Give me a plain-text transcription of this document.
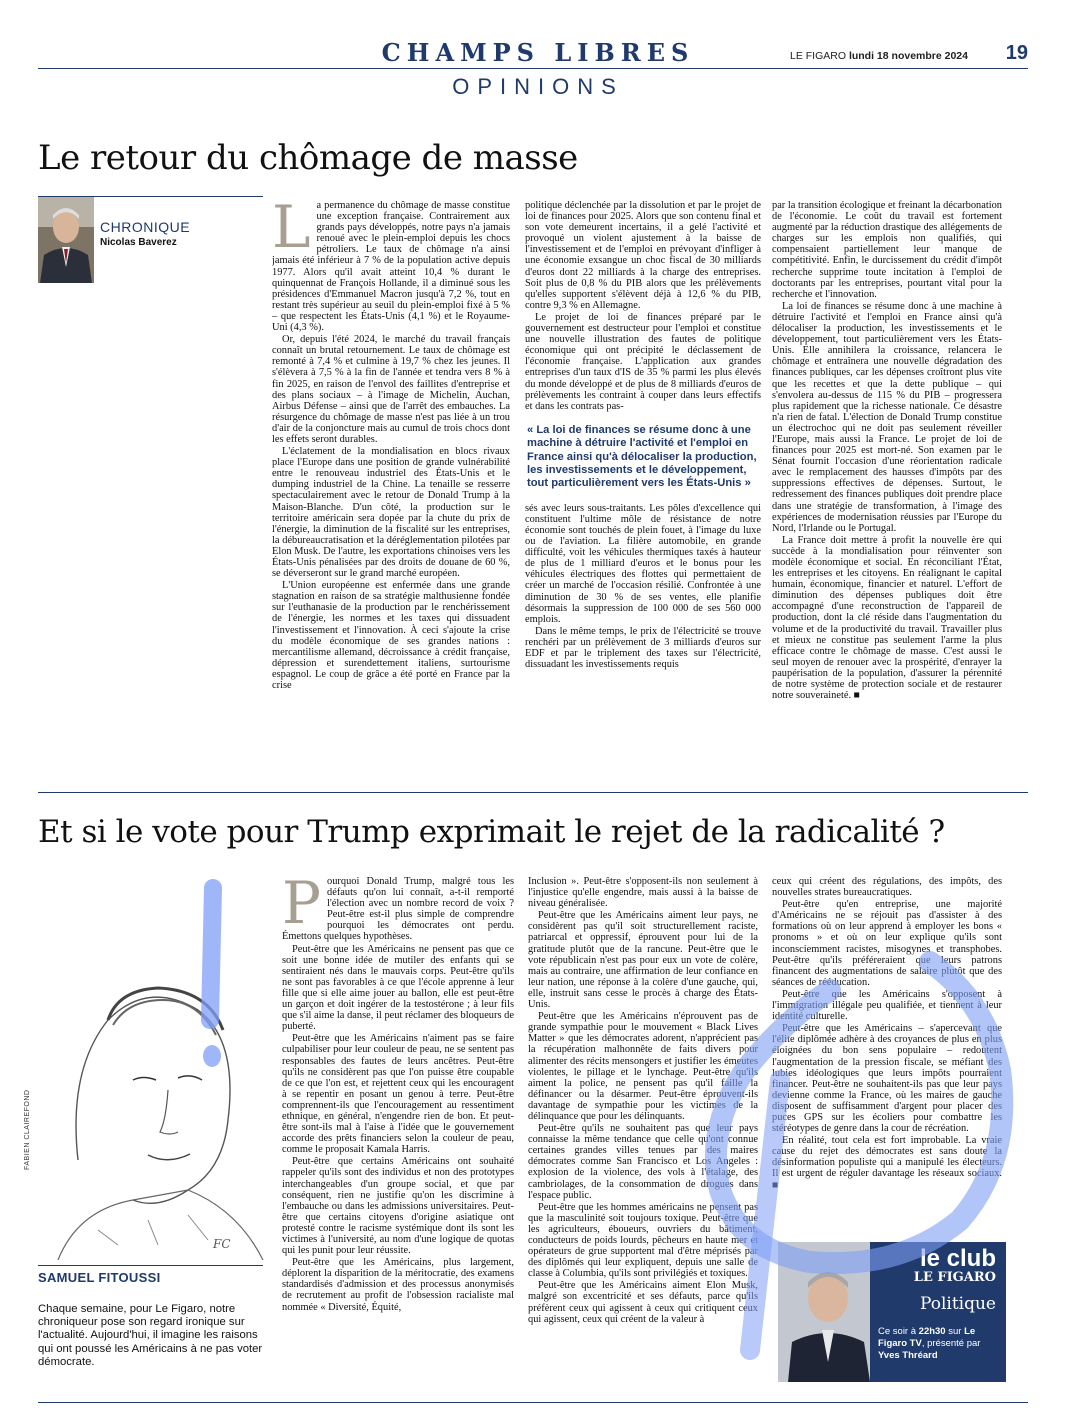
CHAMPS LIBRES
OPINIONS
LE FIGARO lundi 18 novembre 2024 19
Le retour du chômage de masse
CHRONIQUE
Nicolas Baverez L a permanence du chômage de masse constitue une exception française. Contrairement aux grands pays développés, notre pays n'a jamais renoué avec le plein-emploi depuis les chocs pétroliers. Le taux de chômage n'a ainsi jamais été inférieur à 7 % de la population active depuis 1977. Alors qu'il avait atteint 10,4 % durant le quinquennat de François Hollande, il a diminué sous les présidences d'Emmanuel Macron jusqu'à 7,2 %, tout en restant très supérieur au seuil du plein-emploi fixé à 5 % – que respectent les États-Unis (4,1 %) et le Royaume-Uni (4,3 %).

Or, depuis l'été 2024, le marché du travail français connaît un brutal retournement. Le taux de chômage est remonté à 7,4 % et culmine à 19,7 % chez les jeunes. Il s'élèvera à 7,5 % à la fin de l'année et tendra vers 8 % à fin 2025, en raison de l'envol des faillites d'entreprise et des plans sociaux – à l'image de Michelin, Auchan, Airbus Défense – ainsi que de l'arrêt des embauches. La résurgence du chômage de masse n'est pas liée à un trou d'air de la conjoncture mais au cumul de trois chocs dont les effets seront durables.

L'éclatement de la mondialisation en blocs rivaux place l'Europe dans une position de grande vulnérabilité entre le renouveau industriel des États-Unis et le dumping industriel de la Chine. La tenaille se resserre spectaculairement avec le retour de Donald Trump à la Maison-Blanche. D'un côté, la production sur le territoire américain sera dopée par la chute du prix de l'énergie, la diminution de la fiscalité sur les entreprises, la débureaucratisation et la déréglementation pilotées par Elon Musk. De l'autre, les exportations chinoises vers les États-Unis pénalisées par des droits de douane de 60 %, se déverseront sur le grand marché européen.

L'Union européenne est enfermée dans une grande stagnation en raison de sa stratégie malthusienne fondée sur l'euthanasie de la production par le renchérissement de l'énergie, les normes et les taxes qui dissuadent l'investissement et l'innovation. À ceci s'ajoute la crise du modèle économique de ses grandes nations : mercantilisme allemand, décroissance à crédit française, dépression et surendettement italiens, surtourisme espagnol. Le coup de grâce a été porté en France par la crise

politique déclenchée par la dissolution et par le projet de loi de finances pour 2025. Alors que son contenu final et son vote demeurent incertains, il a gelé l'activité et provoqué un violent ajustement à la baisse de l'investissement et de l'emploi en prévoyant d'infliger à une économie exsangue un choc fiscal de 30 milliards d'euros dont 22 milliards à la charge des entreprises. Soit plus de 0,8 % du PIB alors que les prélèvements qu'elles supportent s'élèvent déjà à 12,6 % du PIB, contre 9,3 % en Allemagne.

Le projet de loi de finances préparé par le gouvernement est destructeur pour l'emploi et constitue une nouvelle illustration des fautes de politique économique qui ont précipité le déclassement de l'économie française. L'application aux grandes entreprises d'un taux d'IS de 35 % parmi les plus élevés du monde développé et de plus de 8 milliards d'euros de prélèvements les contraint à couper dans leurs effectifs et dans les contrats pas-

« La loi de finances se résume donc à une machine à détruire l'activité et l'emploi en France ainsi qu'à délocaliser la production, les investissements et le développement, tout particulièrement vers les États-Unis »

sés avec leurs sous-traitants. Les pôles d'excellence qui constituent l'ultime môle de résistance de notre économie sont touchés de plein fouet, à l'image du luxe ou de l'aviation. La filière automobile, en grande difficulté, voit les véhicules thermiques taxés à hauteur de plus de 1 milliard d'euros et le bonus pour les véhicules électriques des flottes qui permettaient de créer un marché de l'occasion résilié. Confrontée à une diminution de 30 % de ses ventes, elle planifie désormais la suppression de 100 000 de ses 560 000 emplois.

Dans le même temps, le prix de l'électricité se trouve renchéri par un prélèvement de 3 milliards d'euros sur EDF et par le triplement des taxes sur l'électricité, dissuadant les investissements requis

par la transition écologique et freinant la décarbonation de l'économie. Le coût du travail est fortement augmenté par la réduction drastique des allégements de charges sur les emplois non qualifiés, qui compensaient partiellement leur manque de compétitivité. Enfin, le durcissement du crédit d'impôt recherche supprime toute incitation à l'emploi de doctorants par les entreprises, pourtant vital pour la recherche et l'innovation.

La loi de finances se résume donc à une machine à détruire l'activité et l'emploi en France ainsi qu'à délocaliser la production, les investissements et le développement, tout particulièrement vers les États-Unis. Elle annihilera la croissance, relancera le chômage et entraînera une nouvelle dégradation des finances publiques, car les dépenses croîtront plus vite que les recettes et que la dette publique – qui s'envolera au-dessus de 115 % du PIB – progressera plus rapidement que la richesse nationale. Ce désastre n'a rien de fatal. L'élection de Donald Trump constitue un électrochoc qui ne doit pas seulement réveiller l'Europe, mais aussi la France. Le projet de loi de finances pour 2025 est mort-né. Son examen par le Sénat fournit l'occasion d'une réorientation radicale avec le remplacement des hausses d'impôts par des suppressions effectives de dépenses. Surtout, le redressement des finances publiques doit prendre place dans une stratégie de transformation, à l'image des expériences de modernisation réussies par l'Europe du Nord, l'Irlande ou le Portugal.

La France doit mettre à profit la nouvelle ère qui succède à la mondialisation pour réinventer son modèle économique et social. En réconciliant l'État, les entreprises et les citoyens. En réalignant le capital humain, économique, financier et naturel. L'effort de diminution des dépenses publiques doit être accompagné d'une reconstruction de l'appareil de production, dont la clé réside dans l'augmentation du volume et de la productivité du travail. Travailler plus et mieux ne constitue pas seulement l'arme la plus efficace contre le chômage de masse. C'est aussi le seul moyen de renouer avec la prospérité, d'enrayer la paupérisation de la population, d'assurer la pérennité de notre système de protection sociale et de restaurer notre souveraineté. ■

Et si le vote pour Trump exprimait le rejet de la radicalité ?
FC
FABIEN CLAIREFOND
SAMUEL FITOUSSI
Chaque semaine, pour Le Figaro, notre chroniqueur pose son regard ironique sur l'actualité. Aujourd'hui, il imagine les raisons qui ont poussé les Américains à ne pas voter démocrate.
P ourquoi Donald Trump, malgré tous les défauts qu'on lui connaît, a-t-il remporté l'élection avec un nombre record de voix ? Peut-être est-il plus simple de comprendre pourquoi les démocrates ont perdu. Émettons quelques hypothèses.

Peut-être que les Américains ne pensent pas que ce soit une bonne idée de mutiler des enfants qui se sentiraient nés dans le mauvais corps. Peut-être qu'ils ne sont pas favorables à ce que l'école apprenne à leur fille que si elle aime jouer au ballon, elle est peut-être un garçon et doit ingérer de la testostérone ; à leur fils que s'il aime la danse, il peut réclamer des bloqueurs de puberté.

Peut-être que les Américains n'aiment pas se faire culpabiliser pour leur couleur de peau, ne se sentent pas responsables des fautes de leurs ancêtres. Peut-être qu'ils ne considèrent pas que l'on puisse être coupable de ce que l'on est, et rejettent ceux qui les encouragent à se repentir en posant un genou à terre. Peut-être comprennent-ils que l'encouragement au ressentiment ethnique, en général, n'engendre rien de bon. Et peut-être sont-ils mal à l'aise à l'idée que le gouvernement accorde des prêts financiers selon la couleur de peau, comme le proposait Kamala Harris.

Peut-être que certains Américains ont souhaité rappeler qu'ils sont des individus et non des prototypes interchangeables d'un groupe social, et que par conséquent, rien ne justifie qu'on les discrimine à l'embauche ou dans les admissions universitaires. Peut-être que certains citoyens d'origine asiatique ont protesté contre le racisme systémique dont ils sont les victimes à l'université, au nom d'une logique de quotas qui les punit pour leur réussite.

Peut-être que les Américains, plus largement, déplorent la disparition de la méritocratie, des examens standardisés d'admission et des processus anonymisés de recrutement au profit de l'obsession racialiste mal nommée « Diversité, Équité,

Inclusion ». Peut-être s'opposent-ils non seulement à l'injustice qu'elle engendre, mais aussi à la baisse de niveau généralisée.

Peut-être que les Américains aiment leur pays, ne considèrent pas qu'il soit structurellement raciste, patriarcal et oppressif, éprouvent pour lui de la gratitude plutôt que de la rancune. Peut-être que le vote républicain n'est pas pour eux un vote de colère, mais au contraire, une affirmation de leur confiance en leur nation, une réponse à la colère d'une gauche, qui, elle, instruit sans cesse le procès à charge des États-Unis.

Peut-être que les Américains n'éprouvent pas de grande sympathie pour le mouvement « Black Lives Matter » que les démocrates adorent, n'apprécient pas la récupération malhonnête de faits divers pour alimenter des récits mensongers et justifier les émeutes violentes, le pillage et le lynchage. Peut-être qu'ils aiment la police, ne pensent pas qu'il faille la définancer ou la désarmer. Peut-être éprouvent-ils davantage de sympathie pour les victimes de la délinquance que pour les délinquants.

Peut-être qu'ils ne souhaitent pas que leur pays connaisse la même tendance que celle qu'ont connue certaines grandes villes tenues par des maires démocrates comme San Francisco et Los Angeles : explosion de la violence, des vols à l'étalage, des cambriolages, de la consommation de drogues dans l'espace public.

Peut-être que les hommes américains ne pensent pas que la masculinité soit toujours toxique. Peut-être que les agriculteurs, éboueurs, ouvriers du bâtiment, conducteurs de poids lourds, pêcheurs en haute mer et opérateurs de grue supportent mal d'être méprisés par des diplômés qui leur expliquent, depuis une salle de classe à Columbia, qu'ils sont privilégiés et toxiques.

Peut-être que les Américains aiment Elon Musk, malgré son excentricité et ses défauts, parce qu'ils préfèrent ceux qui agissent à ceux qui critiquent ceux qui agissent, ceux qui créent de la valeur à

ceux qui créent des régulations, des impôts, des nouvelles strates bureaucratiques.

Peut-être qu'en entreprise, une majorité d'Américains ne se réjouit pas d'assister à des formations où on leur apprend à employer les bons « pronoms » et où on leur explique qu'ils sont inconsciemment racistes, misogynes et transphobes. Peut-être qu'ils préféreraient que leurs patrons financent des augmentations de salaire plutôt que des séances de rééducation.

Peut-être que les Américains s'opposent à l'immigration illégale peu qualifiée, et tiennent à leur identité culturelle.

Peut-être que les Américains – s'apercevant que l'élite diplômée adhère à des croyances de plus en plus éloignées du bon sens populaire – redoutent l'augmentation de la pression fiscale, se méfiant des lubies idéologiques que leurs impôts pourraient financer. Peut-être ne souhaitent-ils pas que leur pays devienne comme la France, où les maires de gauche disposent de suffisamment d'argent pour placer des puces GPS sur les écoliers pour combattre les stéréotypes de genre dans la cour de récréation.

En réalité, tout cela est fort improbable. La vraie cause du rejet des démocrates est sans doute la désinformation populiste qui a manipulé les électeurs. Il est urgent de réguler davantage les réseaux sociaux. ■

le club
LE FIGARO
Politique
Ce soir à 22h30 sur Le Figaro TV, présenté par Yves Thréard
